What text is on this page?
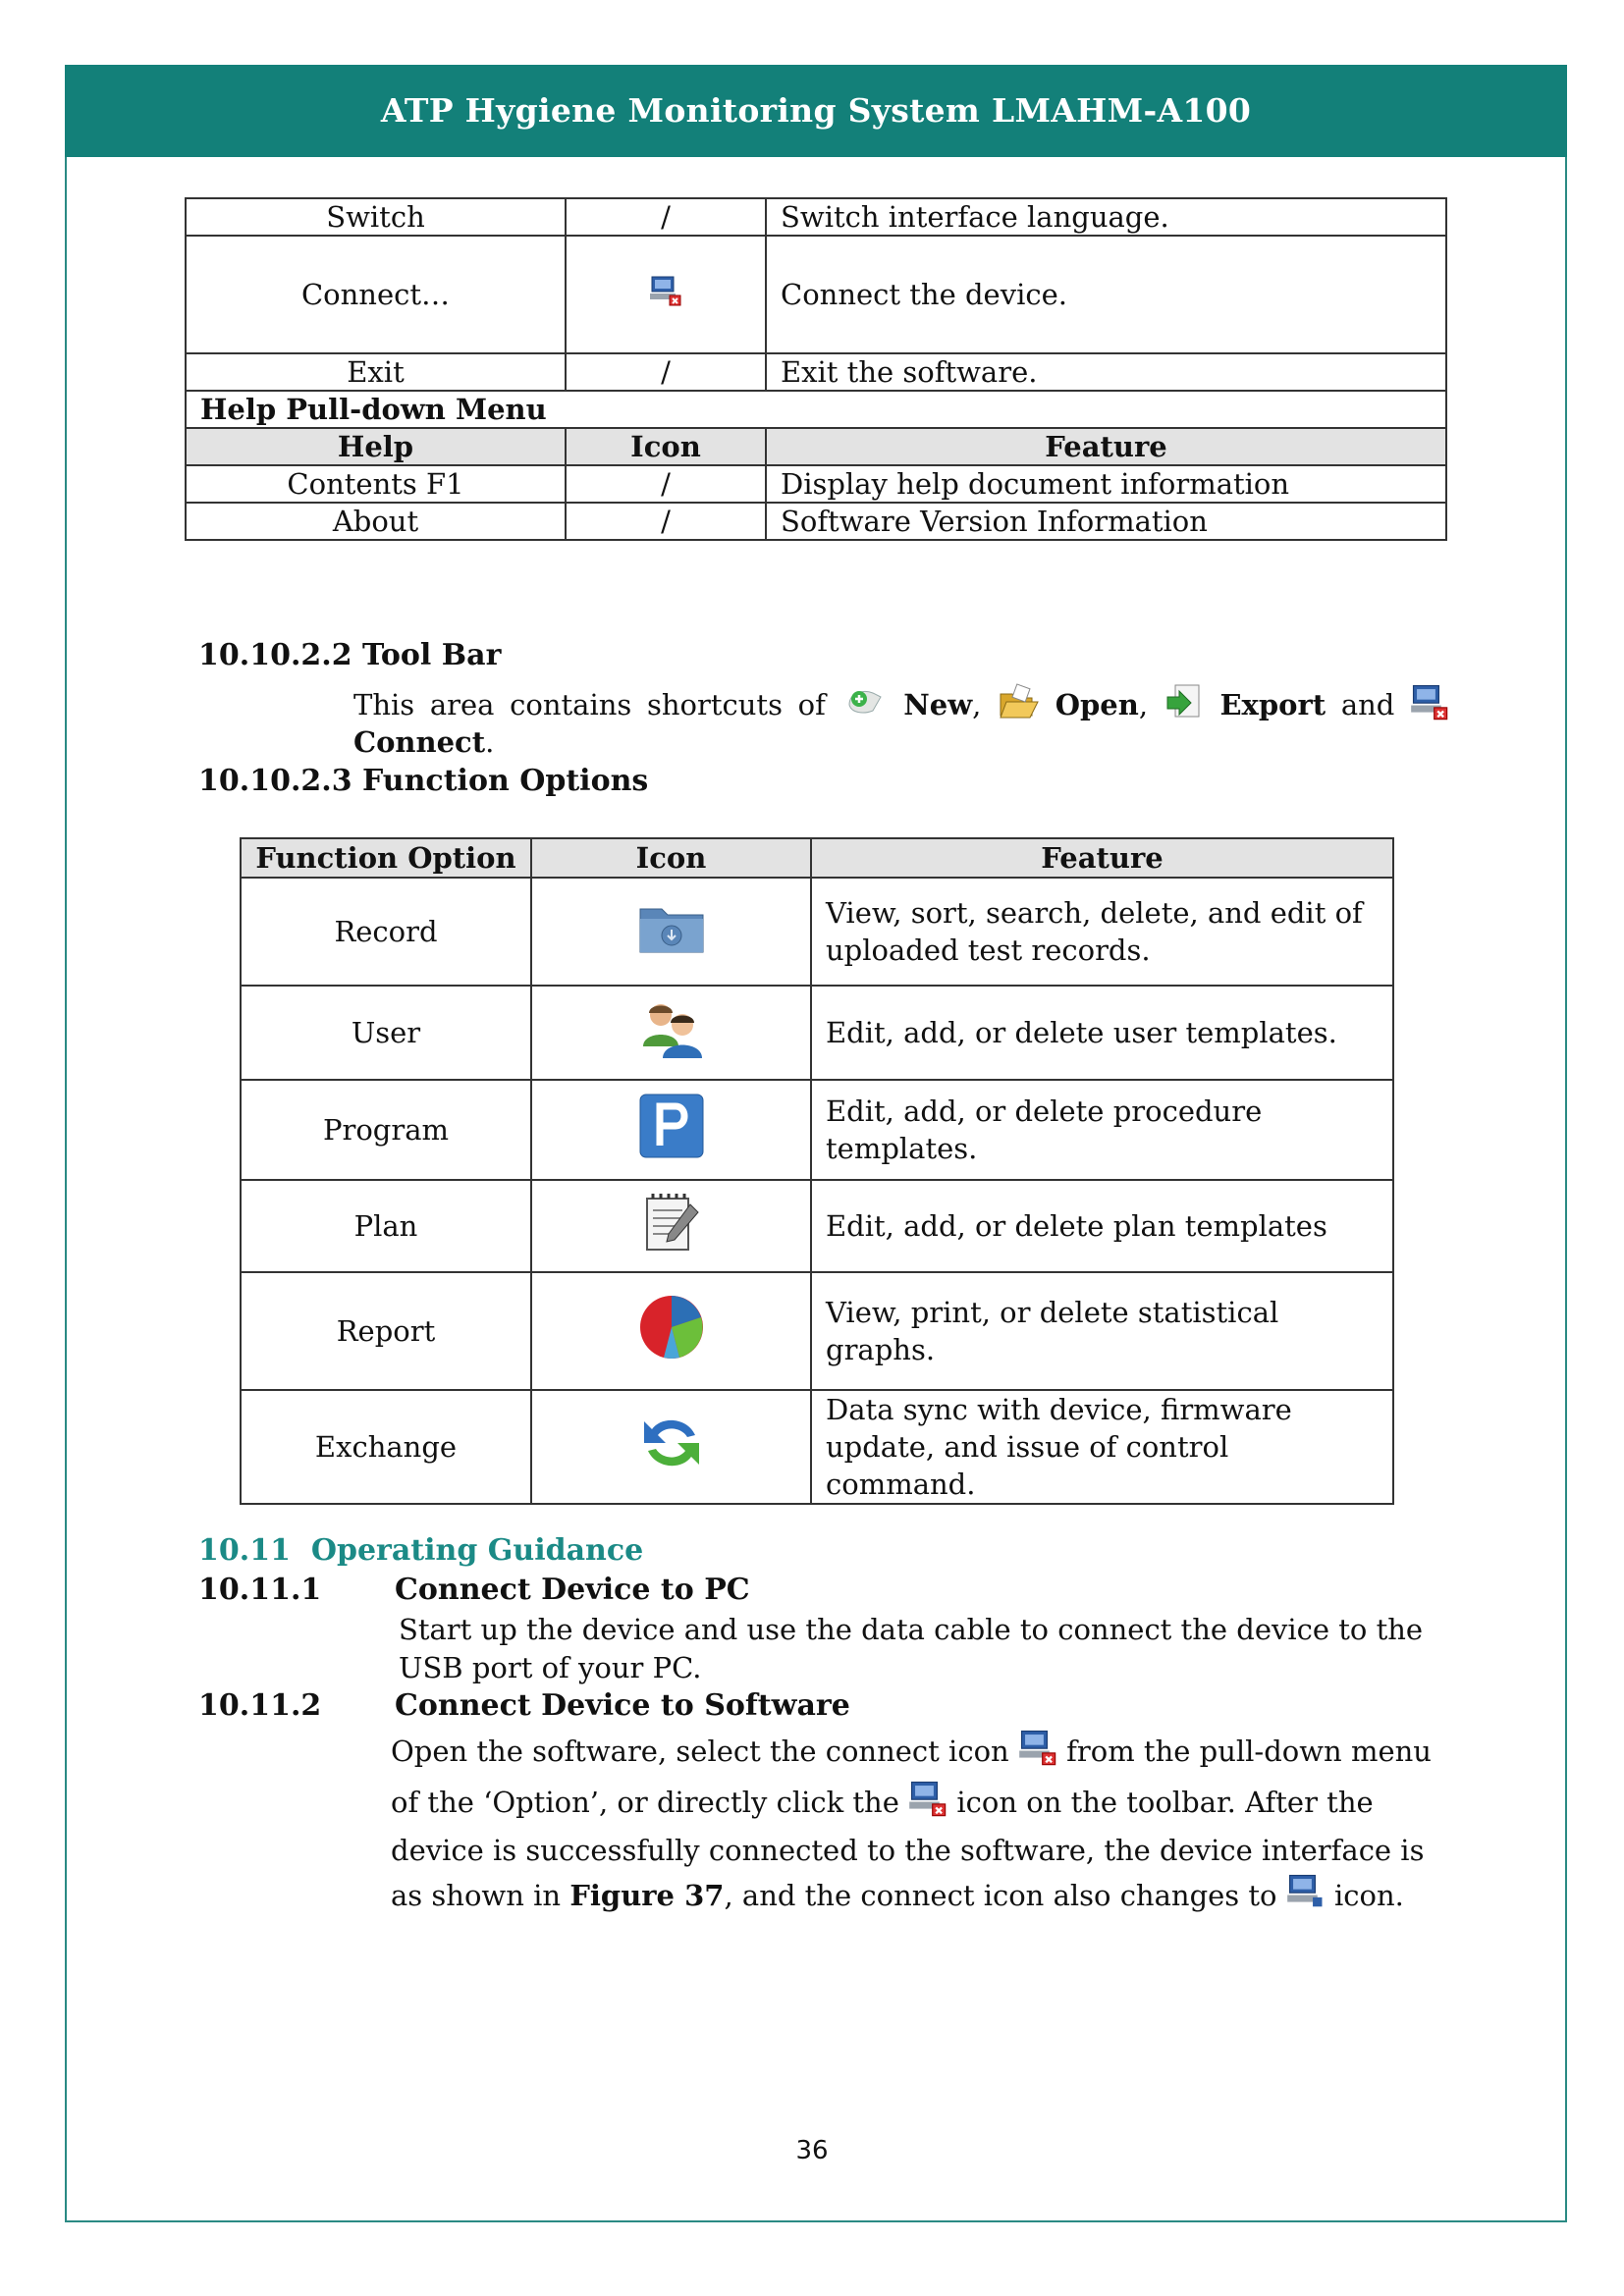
ATP Hygiene Monitoring System LMAHM-A100
Switch	/	Switch interface language.
Connect…		Connect the device.
Exit	/	Exit the software.
Help Pull-down Menu		
Help	Icon	Feature
Contents F1	/	Display help document information
About	/	Software Version Information
10.10.2.2 Tool Bar
This area contains shortcuts of	New,  Open,  Export and
Connect.
10.10.2.3 Function Options
Function Option	Icon	Feature
Record		View, sort, search, delete, and edit of uploaded test records.
User		Edit, add, or delete user templates.
Program		Edit, add, or delete procedure templates.
Plan		Edit, add, or delete plan templates
Report		View, print, or delete statistical graphs.
Exchange		Data sync with device, firmware update, and issue of control command.
10.11 Operating Guidance
10.11.1 Connect Device to PC
Start up the device and use the data cable to connect the device to the USB port of your PC.
10.11.2 Connect Device to Software
Open the software, select the connect icon from the pull-down menu of the ‘Option’, or directly click the icon on the toolbar. After the device is successfully connected to the software, the device interface is as shown in Figure 37, and the connect icon also changes to icon.
36
